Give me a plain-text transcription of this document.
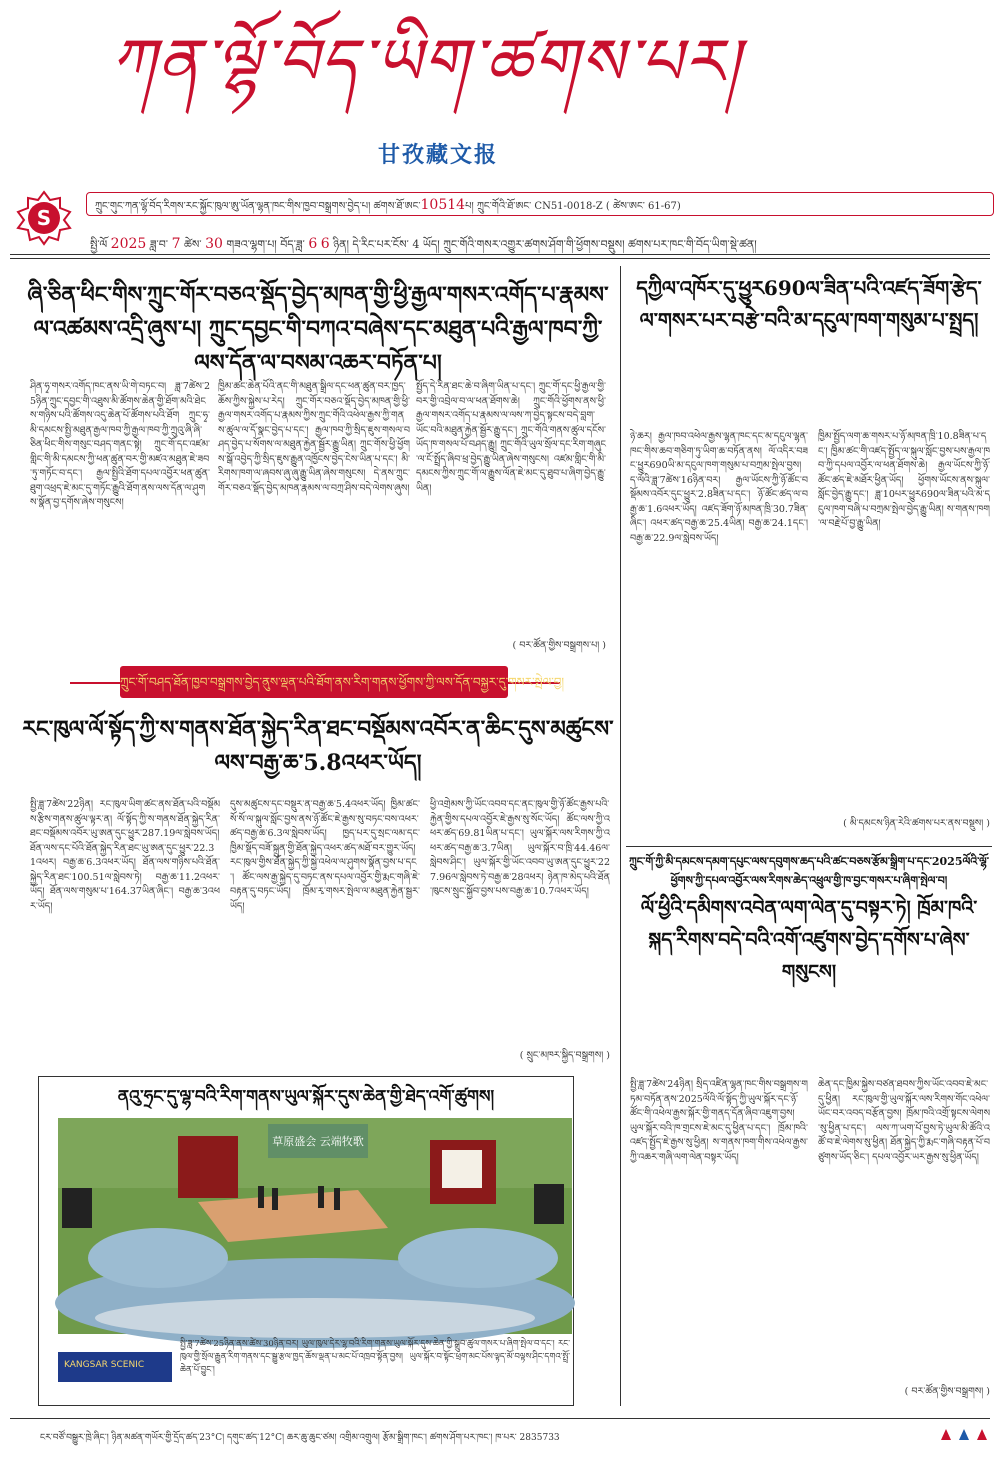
ཀན་ལྷོ་བོད་ཡིག་ཚགས་པར།
甘孜藏文报
S	ཀྲུང་གུང་ཀན་ལྷོ་བོད་རིགས་རང་སྐྱོང་ཁུལ་ཨུ་ཡོན་ལྷན་ཁང་གིས་ཁྱབ་བསྒྲགས་བྱེད་པ། ཚགས་ཐོ་ཨང་10514པ། ཀྲུང་གོའི་ཐོ་ཨང་ CN51-0018-Z ( ཚེས་ཨང་ 61-67)
སྤྱི་ལོ 2025 ཟླ་བ་ 7 ཚེས་ 30 གཟའ་ལྷག་པ། བོད་ཟླ་ 6 6 ཉིན། དེ་རིང་པར་ངོས་ 4 ཡོད། ཀྲུང་གོའི་གསར་འགྱུར་ཚགས་ཤོག་གི་ཕྱོགས་བསྡུས། ཚགས་པར་ཁང་གི་བོད་ཡིག་སྡེ་ཚན།
ཞི་ཅིན་ཕིང་གིས་ཀྲུང་གོར་བཅའ་སྡོད་བྱེད་མཁན་གྱི་ཕྱི་རྒྱལ་གསར་འགོད་པ་རྣམས་ལ་འཚམས་འདྲི་ཞུས་པ། ཀྲུང་དབྱང་གི་བཀའ་བཞེས་དང་མཐུན་པའི་རྒྱལ་ཁབ་ཀྱི་ལས་དོན་ལ་བསམ་འཆར་བཏོན་པ།
ཤིན་ཧྭ་གསར་འགོད་ཁང་ནས་ཡི་གེ་བཏང་བ། ཟླ་7ཚེས་25ཉིན་ཀྲུང་དབྱང་གི་འཐུས་མི་ཚོགས་ཆེན་གྱི་ཐོག་མའི་ཐེངས་གཉིས་པའི་ཚོགས་འདུ་ཆེན་པོ་ཚོགས་པའི་ཐོག ཀྲུང་ཧྭ་མི་དམངས་སྤྱི་མཐུན་རྒྱལ་ཁབ་ཀྱི་རྒྱལ་ཁབ་ཀྱི་ཀྲུའུ་ཞི་ཞི་ཅིན་ཕིང་གིས་གསུང་བཤད་གནང་སྟེ། ཀྲུང་གོ་དང་འཛམ་གླིང་གི་མི་དམངས་ཀྱི་ཕན་ཚུན་བར་གྱི་མཛའ་མཐུན་ཇེ་ཟབ་ཏུ་གཏོང་བ་དང་། རྒྱལ་སྤྱིའི་ཐོག་དཔལ་འབྱོར་ཕན་ཚུན་ཐུག་འཕྲད་ཇེ་མང་དུ་གཏོང་རྒྱུའི་ཐོག་ནས་ལས་དོན་ལ་ཤུགས་སྣོན་བྱ་དགོས་ཞེས་གསུངས།
ཁྱིམ་ཚང་ཆེན་པོའི་ནང་གི་མཐུན་སྒྲིལ་དང་ཕན་ཚུན་བར་ཁྱད་ཆོས་ཀྱིས་སྐྱེས་པ་རེད། ཀྲུང་གོར་བཅའ་སྡོད་བྱེད་མཁན་གྱི་ཕྱི་རྒྱལ་གསར་འགོད་པ་རྣམས་ཀྱིས་ཀྲུང་གོའི་འཕེལ་རྒྱས་ཀྱི་གནས་ཚུལ་ལ་དོ་སྣང་བྱེད་པ་དང་། རྒྱལ་ཁབ་ཀྱི་སྲིད་ཇུས་གསལ་བཤད་བྱེད་པ་སོགས་ལ་མཐུན་རྐྱེན་སྦྱོར་རྒྱུ་ཡིན། ཀྲུང་གོས་ཕྱི་ཕྱོགས་སྒོ་འབྱེད་ཀྱི་སྲིད་ཇུས་རྒྱུན་འཁྱོངས་བྱེད་ངེས་ཡིན་པ་དང་། མི་རིགས་ཁག་ལ་ཞབས་ཞུ་ཞུ་རྒྱུ་ཡིན་ཞེས་གསུངས། དེ་ནས་ཀྲུང་གོར་བཅའ་སྡོད་བྱེད་མཁན་རྣམས་ལ་བཀྲ་ཤིས་བདེ་ལེགས་ཞུས།
སྤྱོད་དེ་རིན་ཐང་ཆེ་བ་ཞིག་ཡིན་པ་དང་། ཀྲུང་གོ་དང་ཕྱི་རྒྱལ་གྱི་བར་གྱི་འབྲེལ་བ་ལ་ཕན་ཐོགས་ཆེ། ཀྲུང་གོའི་ཕྱོགས་ནས་ཕྱི་རྒྱལ་གསར་འགོད་པ་རྣམས་ལ་ལས་ཀ་བྱེད་སྟངས་བདེ་བླག་ཡོང་བའི་མཐུན་རྐྱེན་སྦྱོར་རྒྱུ་དང་། ཀྲུང་གོའི་གནས་ཚུལ་དངོས་ཡོད་ཁ་གསལ་པོ་བཤད་རྒྱུ། ཀྲུང་གོའི་ཡུལ་སྲོལ་དང་རིག་གཞུང་ལ་ངོ་སྤྲོད་ཞིབ་ཕྲ་བྱེད་རྒྱུ་ཡིན་ཞེས་གསུངས། འཛམ་གླིང་གི་མི་དམངས་ཀྱིས་ཀྲུང་གོ་ལ་རྒྱུས་ལོན་ཇེ་མང་དུ་ཐུབ་པ་ཞིག་བྱེད་རྒྱུ་ཡིན།
( བར་ཚོན་གྱིས་བསྒྲགས་པ། )
ཀྲུང་གོ་བཤད་ཐོན་ཁྱབ་བསྒྲགས་བྱེད་ནུས་ལྡན་པའི་ཐོག་ནས་རིག་གནས་ཕྱོགས་ཀྱི་ལས་དོན་བསྐྱར་དུ་གསར་སྤེལ་བྱ།
རང་ཁུལ་ལོ་སྟོད་ཀྱི་ས་གནས་ཐོན་སྐྱེད་རིན་ཐང་བསྡོམས་འབོར་ན་ཆིང་དུས་མཚུངས་ལས་བརྒྱ་ཆ་5.8འཕར་ཡོད།
སྤྱི་ཟླ་7ཚེས་22ཉིན། རང་ཁུལ་ཡིག་ཚང་ནས་ཐོན་པའི་བསྡོམས་རྩིས་གནས་ཚུལ་ལྟར་ན། ལོ་སྟོད་ཀྱི་ས་གནས་ཐོན་སྐྱེད་རིན་ཐང་བསྡོམས་འབོར་ཡུ་ཨན་དུང་ཕྱུར་287.19ལ་སླེབས་ཡོད། ཐོན་ལས་དང་པོའི་ཐོན་སྐྱེད་རིན་ཐང་ཡུ་ཨན་དུང་ཕྱུར་22.31འཕར། བརྒྱ་ཆ་6.3འཕར་ཡོད། ཐོན་ལས་གཉིས་པའི་ཐོན་སྐྱེད་རིན་ཐང་100.51ལ་སླེབས་ཏེ། བརྒྱ་ཆ་11.2འཕར་ཡོད། ཐོན་ལས་གསུམ་པ་164.37ཡིན་ཞིང་། བརྒྱ་ཆ་3འཕར་ཡོད།
དུས་མཚུངས་དང་བསྡུར་ན་བརྒྱ་ཆ་5.4འཕར་ཡོད། ཁྱིམ་ཚང་སོ་སོ་ལ་སྐུལ་སློང་བྱས་ནས་ཉོ་ཚོང་ཇེ་རྒྱས་སུ་བཏང་བས་འཕར་ཚད་བརྒྱ་ཆ་6.3ལ་སླེབས་ཡོད། ཁྱད་པར་དུ་སྲང་ལམ་དང་ཁྱིམ་སྡོད་བཟོ་སྐྲུན་གྱི་ཐོན་སྐྱེད་འཕར་ཚད་མཐོ་བར་གྱུར་ཡོད། རང་ཁུལ་གྱིས་ཐོན་སྐྱེད་ཀྱི་སྐྱེ་འཕེལ་ལ་ཤུགས་སྣོན་བྱས་པ་དང་། ཚོང་ལས་རྒྱ་སྐྱེད་དུ་བཏང་ནས་དཔལ་འབྱོར་གྱི་རྨང་གཞི་ཇེ་བརྟན་དུ་བཏང་ཡོད། ཁྲོམ་རྭ་གསར་སྤེལ་ལ་མཐུན་རྐྱེན་སྦྱར་ཡོད།
ཕྱི་འགྲེམས་ཀྱི་ཡོང་འབབ་དང་ནང་ཁུལ་གྱི་ཉོ་ཚོང་རྒྱས་པའི་རྐྱེན་གྱིས་དཔལ་འབྱོར་ཇེ་རྒྱས་སུ་སོང་ཡོད། ཚོང་ལས་ཀྱི་འཕར་ཚད་69.81ཡིན་པ་དང་། ཡུལ་སྐོར་ལས་རིགས་ཀྱི་འཕར་ཚད་བརྒྱ་ཆ་3.7ཡིན། ཡུལ་སྐོར་བ་ཁྲི་44.46ལ་སླེབས་ཤིང་། ཡུལ་སྐོར་གྱི་ཡོང་འབབ་ཡུ་ཨན་དུང་ཕྱུར་227.96ལ་སླེབས་ཏེ་བརྒྱ་ཆ་28འཕར། ཉེན་ཁ་མེད་པའི་ཐོན་ཁུངས་སྲུང་སྐྱོབ་བྱས་པས་བརྒྱ་ཆ་10.7འཕར་ཡོད།
( སྲུང་མཁར་སྐྱིད་བསྒྲགས། )
ནའུ་ཧྲང་དུ་ལྷ་བའི་རིག་གནས་ཡུལ་སྐོར་དུས་ཆེན་གྱི་ཐེད་འགོ་ཚུགས།
草原盛会 云端牧歌
KANGSAR SCENIC
སྤྱི་ཟླ་7ཚེས་25ཉིན་ནས་ཚེས་30ཉིན་བར། ཡུལ་ཁུལ་དེར་ལྷ་བའི་རིག་གནས་ཡུལ་སྐོར་དུས་ཆེན་གྱི་སྒྲུབ་ཚུལ་གསར་པ་ཞིག་སྤེལ་བ་དང་། རང་ཁུལ་གྱི་སྲོལ་རྒྱུན་རིག་གནས་དང་སྒྱུ་རྩལ་ཁྱད་ཆོས་ལྡན་པ་མང་པོ་འཁྲབ་སྟོན་བྱས། ཡུལ་སྐོར་བ་སྟོང་ཕྲག་མང་པོས་ལྟད་མོ་བལྟས་ཤིང་དགའ་སྤྲོ་ཆེན་པོ་བྱུང་།
དཀྱིལ་འཁོར་དུ་ཕྱུར690ལ་ཟིན་པའི་འཛད་ཟོག་རྩེད་ལ་གསར་པར་བརྩེ་བའི་མ་དངུལ་ཁག་གསུམ་པ་སྤྲད།
ཉེ་ཆར། རྒྱལ་ཁབ་འཕེལ་རྒྱས་ལྷན་ཁང་དང་མ་དངུལ་ལྷན་ཁང་གིས་ཆབ་གཅིག་ཏུ་ཡིག་ཆ་བཏོན་ནས། ལོ་འདིར་བཟང་ཕྱུར690ཡི་མ་དངུལ་ཁག་གསུམ་པ་བཀྲམ་སྤེལ་བྱས། ད་ལོའི་ཟླ་7ཚེས་16ཉིན་བར། རྒྱལ་ཡོངས་ཀྱི་ཉོ་ཚོང་བསྡོམས་འབོར་དུང་ཕྱུར་2.8ཟིན་པ་དང་། ཉོ་ཚོང་ཚད་ལ་བརྒྱ་ཆ་1.6འཕར་ཡོད། འཛད་ཟོག་ཉོ་མཁན་ཁྲི་30.7ཟིན་ཞིང་། འཕར་ཚད་བརྒྱ་ཆ་25.4ཡིན། བརྒྱ་ཆ་24.1དང་། བརྒྱ་ཆ་22.9ལ་སླེབས་ཡོད།
ཁྱིམ་སྤྱོད་ལག་ཆ་གསར་པ་ཉོ་མཁན་ཁྲི་10.8ཟིན་པ་དང་། ཁྱིམ་ཚང་གི་འཛད་སྤྱོད་ལ་སྐུལ་སློང་བྱས་པས་རྒྱལ་ཁབ་ཀྱི་དཔལ་འབྱོར་ལ་ཕན་ཐོགས་ཆེ། རྒྱལ་ཡོངས་ཀྱི་ཉོ་ཚོང་ཚད་ཇེ་མཐོར་ཕྱིན་ཡོད། ཕྱོགས་ཡོངས་ནས་སྐུལ་སློང་བྱེད་རྒྱུ་དང་། ཟླ་10པར་ཕྱུར690ལ་ཟིན་པའི་མ་དངུལ་ཁག་བཞི་པ་བཀྲམ་སྤེལ་བྱེད་རྒྱུ་ཡིན། ས་གནས་ཁག་ལ་བརྗེ་པོ་བྱ་རྒྱུ་ཡིན།
( མི་དམངས་ཉིན་རེའི་ཚགས་པར་ནས་བསྡུས། )
ཀྲུང་གོ་ཀྱི་མི་དམངས་དམག་དཔུང་ལས་དབུགས་ཆད་པའི་ཚང་བཅས་རྩོམ་སྒྲིག་པ་དང་2025ལོའི་ལྷོ་ཕྱོགས་ཀྱི་དཔལ་འབྱོར་ལས་རིགས་ཆེད་འཕྲུལ་གྱི་ཁ་བྱང་གསར་པ་ཞིག་སྤེལ་བ།
ལོ་ཕྱིའི་དམིགས་འབེན་ལག་ལེན་དུ་བསྟར་ཏེ། ཁྲོམ་ཁའི་སྐད་རིགས་བདེ་བའི་འགོ་འཛུགས་བྱེད་དགོས་པ་ཞེས་གསུངས།
སྤྱི་ཟླ་7ཚེས་24ཉིན། སྲིད་འཛིན་ལྷན་ཁང་གིས་བསྒྲགས་གཏམ་བཏོན་ནས་2025ལོའི་ལོ་སྟོད་ཀྱི་ཡུལ་སྐོར་དང་ཉོ་ཚོང་གི་འཕེལ་རྒྱས་སྐོར་གྱི་གནད་དོན་ཞིབ་འཇུག་བྱས། ཡུལ་སྐོར་བའི་ཁ་གྲངས་ཇེ་མང་དུ་ཕྱིན་པ་དང་། ཁྲོམ་ཁའི་འཛད་སྤྱོད་ཇེ་རྒྱས་སུ་ཕྱིན། ས་གནས་ཁག་གིས་འཕེལ་རྒྱས་ཀྱི་འཆར་གཞི་ལག་ལེན་བསྟར་ཡོད།
ཆེན་དང་ཁྱིམ་སྐྱེས་བཙན་ཐབས་ཀྱིས་ཡོང་འབབ་ཇེ་མང་དུ་ཕྱིན། རང་ཁུལ་གྱི་ཡུལ་སྐོར་ལས་རིགས་གོང་འཕེལ་ཡོང་བར་འབད་བརྩོན་བྱས། ཁྲོམ་ཁའི་འགྲོ་སྟངས་ལེགས་སུ་ཕྱིན་པ་དང་། ལས་ཀ་ཡག་པོ་བྱས་ཏེ་ཡུལ་མི་ཚོའི་འཚོ་བ་ཇེ་ལེགས་སུ་ཕྱིན། ཐོན་སྐྱེད་ཀྱི་རྨང་གཞི་བརྟན་པོ་བཙུགས་ཡོད་ཅིང་། དཔལ་འབྱོར་ཡར་རྒྱས་སུ་ཕྱིན་ཡོད།
( བར་ཚོན་གྱིས་བསྒྲགས། )
ངར་བཙོ་བསྒྱུར་ཁྲེ་ཞིང་། ཉིན་མཚན་གཡོར་གྱི་དྲོད་ཚད་23°C། དགུང་ཚད་12°C། ཆར་ཆུ་ཆུང་ཙམ། འགྲིམ་འགྲུལ། རྩོམ་སྒྲིག་ཁང་། ཚགས་ཤོག་པར་ཁང་། ཁ་པར་ 2835733
